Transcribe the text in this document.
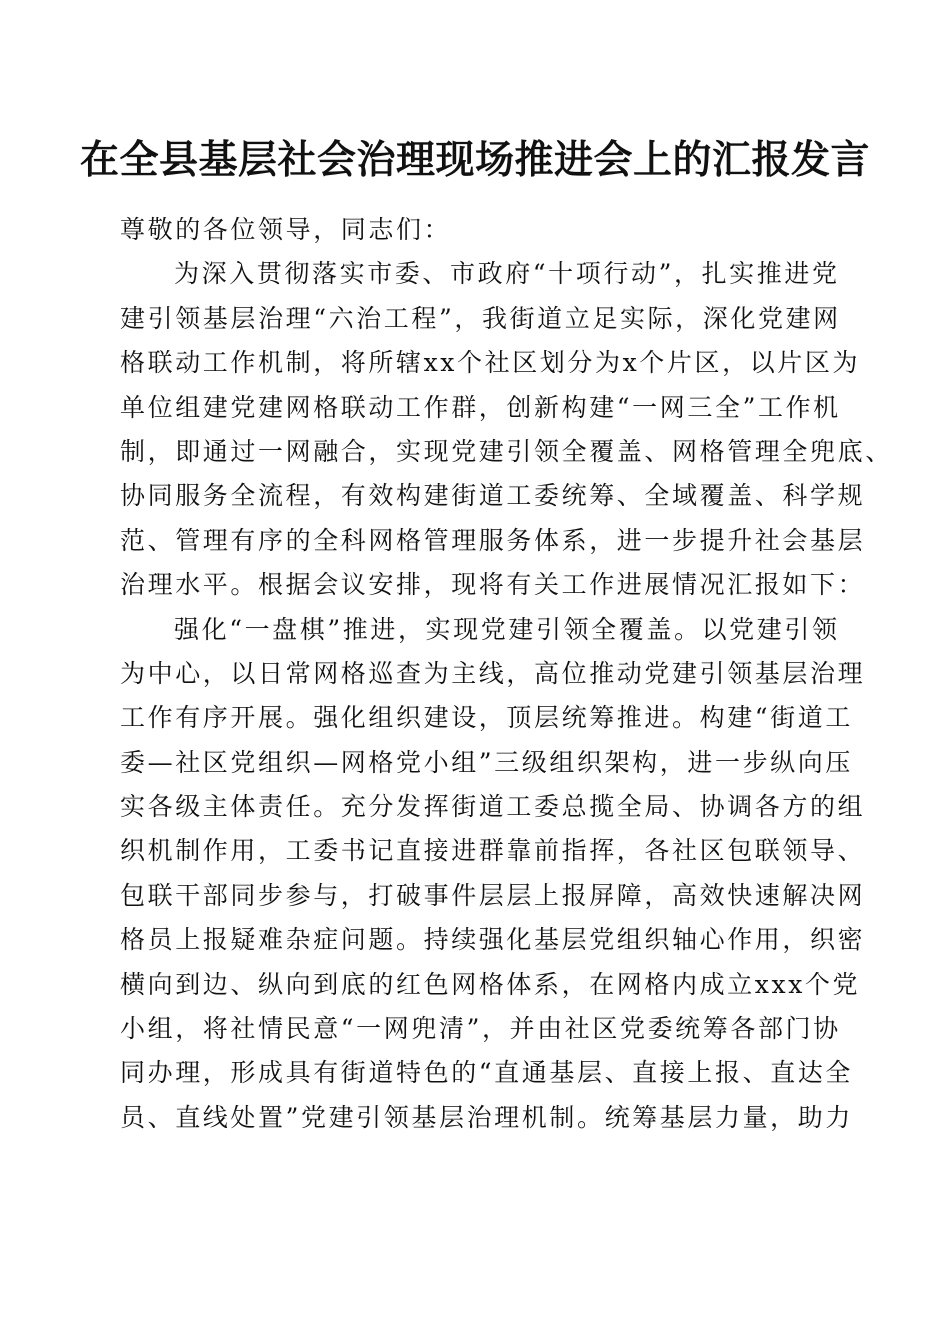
在全县基层社会治理现场推进会上的汇报发言
尊敬的各位领导，同志们：
为深入贯彻落实市委、市政府“十项行动”，扎实推进党
建引领基层治理“六治工程”，我街道立足实际，深化党建网
格联动工作机制，将所辖xx个社区划分为x个片区，以片区为
单位组建党建网格联动工作群，创新构建“一网三全”工作机
制，即通过一网融合，实现党建引领全覆盖、网格管理全兜底、
协同服务全流程，有效构建街道工委统筹、全域覆盖、科学规
范、管理有序的全科网格管理服务体系，进一步提升社会基层
治理水平。根据会议安排，现将有关工作进展情况汇报如下：
强化“一盘棋”推进，实现党建引领全覆盖。以党建引领
为中心，以日常网格巡查为主线，高位推动党建引领基层治理
工作有序开展。强化组织建设，顶层统筹推进。构建“街道工
委—社区党组织—网格党小组”三级组织架构，进一步纵向压
实各级主体责任。充分发挥街道工委总揽全局、协调各方的组
织机制作用，工委书记直接进群靠前指挥，各社区包联领导、
包联干部同步参与，打破事件层层上报屏障，高效快速解决网
格员上报疑难杂症问题。持续强化基层党组织轴心作用，织密
横向到边、纵向到底的红色网格体系，在网格内成立xxx个党
小组，将社情民意“一网兜清”，并由社区党委统筹各部门协
同办理，形成具有街道特色的“直通基层、直接上报、直达全
员、直线处置”党建引领基层治理机制。统筹基层力量，助力
